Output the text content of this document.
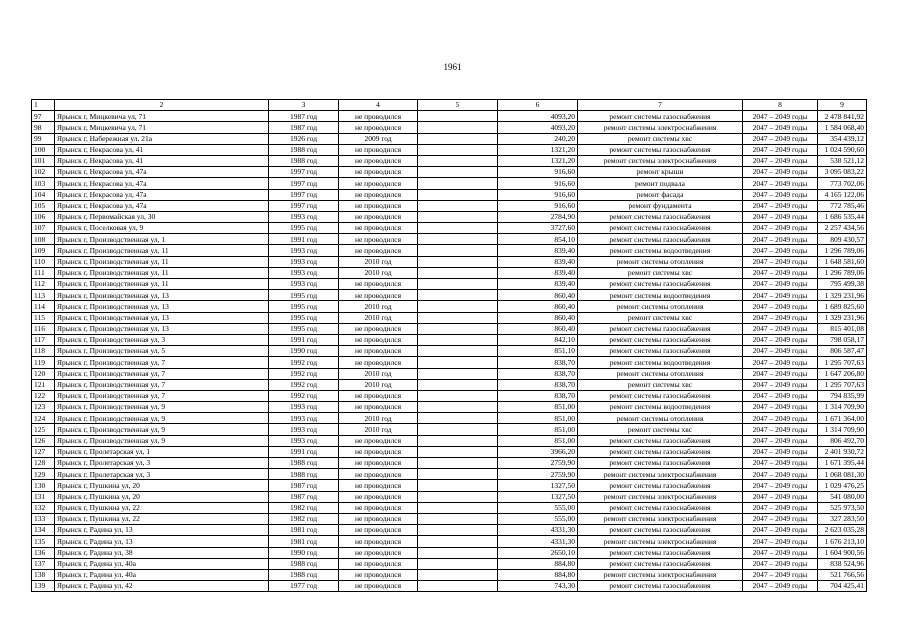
1961
1	2	3	4	5	6	7	8	9
97	Ярынск г, Мицкевича ул, 71	1987 год	не проводился		4093,20	ремонт системы газоснабжения	2047 – 2049 годы	2 478 841,92
98	Ярынск г, Мицкевича ул, 71	1987 год	не проводился		4093,20	ремонт системы электроснабжения	2047 – 2049 годы	1 584 068,40
99	Ярынск г, Набережная ул, 21а	1926 год	2009 год		240,20	ремонт системы хвс	2047 – 2049 годы	354 439,12
100	Ярынск г, Некрасова ул, 41	1988 год	не проводился		1321,20	ремонт системы газоснабжения	2047 – 2049 годы	1 024 590,60
101	Ярынск г, Некрасова ул, 41	1988 год	не проводился		1321,20	ремонт системы электроснабжения	2047 – 2049 годы	538 521,12
102	Ярынск г, Некрасова ул, 47а	1997 год	не проводился		916,60	ремонт крыши	2047 – 2049 годы	3 095 083,22
103	Ярынск г, Некрасова ул, 47а	1997 год	не проводился		916,60	ремонт подвала	2047 – 2049 годы	773 702,06
104	Ярынск г, Некрасова ул, 47а	1997 год	не проводился		916,60	ремонт фасада	2047 – 2049 годы	4 165 122,06
105	Ярынск г, Некрасова ул, 47а	1997 год	не проводился		916,60	ремонт фундамента	2047 – 2049 годы	772 785,46
106	Ярынск г, Первомайская ул, 30	1993 год	не проводился		2784,90	ремонт системы газоснабжения	2047 – 2049 годы	1 686 535,44
107	Ярынск г, Поселковая ул, 9	1995 год	не проводился		3727,60	ремонт системы газоснабжения	2047 – 2049 годы	2 257 434,56
108	Ярынск г, Производственная ул, 1	1991 год	не проводился		854,10	ремонт системы газоснабжения	2047 – 2049 годы	809 430,57
109	Ярынск г, Производственная ул, 11	1993 год	не проводился		839,40	ремонт системы водоотведения	2047 – 2049 годы	1 296 789,06
110	Ярынск г, Производственная ул, 11	1993 год	2010 год		839,40	ремонт системы отопления	2047 – 2049 годы	1 648 581,60
111	Ярынск г, Производственная ул, 11	1993 год	2010 год		839,40	ремонт системы хвс	2047 – 2049 годы	1 296 789,06
112	Ярынск г, Производственная ул, 11	1993 год	не проводился		839,40	ремонт системы газоснабжения	2047 – 2049 годы	795 499,38
113	Ярынск г, Производственная ул, 13	1995 год	не проводился		860,40	ремонт системы водоотведения	2047 – 2049 годы	1 329 231,96
114	Ярынск г, Производственная ул, 13	1995 год	2010 год		860,40	ремонт системы отопления	2047 – 2049 годы	1 689 825,60
115	Ярынск г, Производственная ул, 13	1995 год	2010 год		860,40	ремонт системы хвс	2047 – 2049 годы	1 329 231,96
116	Ярынск г, Производственная ул, 13	1995 год	не проводился		860,40	ремонт системы газоснабжения	2047 – 2049 годы	815 401,08
117	Ярынск г, Производственная ул, 3	1991 год	не проводился		842,10	ремонт системы газоснабжения	2047 – 2049 годы	798 058,17
118	Ярынск г, Производственная ул, 5	1990 год	не проводился		851,10	ремонт системы газоснабжения	2047 – 2049 годы	806 587,47
119	Ярынск г, Производственная ул, 7	1992 год	не проводился		838,70	ремонт системы водоотведения	2047 – 2049 годы	1 295 707,63
120	Ярынск г, Производственная ул, 7	1992 год	2010 год		838,70	ремонт системы отопления	2047 – 2049 годы	1 647 206,80
121	Ярынск г, Производственная ул, 7	1992 год	2010 год		838,70	ремонт системы хвс	2047 – 2049 годы	1 295 707,63
122	Ярынск г, Производственная ул, 7	1992 год	не проводился		838,70	ремонт системы газоснабжения	2047 – 2049 годы	794 835,99
123	Ярынск г, Производственная ул, 9	1993 год	не проводился		851,00	ремонт системы водоотведения	2047 – 2049 годы	1 314 709,90
124	Ярынск г, Производственная ул, 9	1993 год	2010 год		851,00	ремонт системы отопления	2047 – 2049 годы	1 671 364,00
125	Ярынск г, Производственная ул, 9	1993 год	2010 год		851,00	ремонт системы хвс	2047 – 2049 годы	1 314 709,90
126	Ярынск г, Производственная ул, 9	1993 год	не проводился		851,00	ремонт системы газоснабжения	2047 – 2049 годы	806 492,70
127	Ярынск г, Пролетарская ул, 1	1991 год	не проводился		3966,20	ремонт системы газоснабжения	2047 – 2049 годы	2 401 930,72
128	Ярынск г, Пролетарская ул, 3	1988 год	не проводился		2759,90	ремонт системы газоснабжения	2047 – 2049 годы	1 671 395,44
129	Ярынск г, Пролетарская ул, 3	1988 год	не проводился		2759,90	ремонт системы электроснабжения	2047 – 2049 годы	1 068 081,30
130	Ярынск г, Пушкина ул, 20	1987 год	не проводился		1327,50	ремонт системы газоснабжения	2047 – 2049 годы	1 029 476,25
131	Ярынск г, Пушкина ул, 20	1987 год	не проводился		1327,50	ремонт системы электроснабжения	2047 – 2049 годы	541 080,00
132	Ярынск г, Пушкина ул, 22	1982 год	не проводился		555,00	ремонт системы газоснабжения	2047 – 2049 годы	525 973,50
133	Ярынск г, Пушкина ул, 22	1982 год	не проводился		555,00	ремонт системы электроснабжения	2047 – 2049 годы	327 283,50
134	Ярынск г, Радина ул, 13	1981 год	не проводился		4331,30	ремонт системы газоснабжения	2047 – 2049 годы	2 623 035,28
135	Ярынск г, Радина ул, 13	1981 год	не проводился		4331,30	ремонт системы электроснабжения	2047 – 2049 годы	1 676 213,10
136	Ярынск г, Радина ул, 38	1990 год	не проводился		2650,10	ремонт системы газоснабжения	2047 – 2049 годы	1 604 900,56
137	Ярынск г, Радина ул, 40а	1988 год	не проводился		884,80	ремонт системы газоснабжения	2047 – 2049 годы	838 524,96
138	Ярынск г, Радина ул, 40а	1988 год	не проводился		884,80	ремонт системы электроснабжения	2047 – 2049 годы	521 766,56
139	Ярынск г, Радина ул, 42	1977 год	не проводился		743,30	ремонт системы газоснабжения	2047 – 2049 годы	704 425,41
